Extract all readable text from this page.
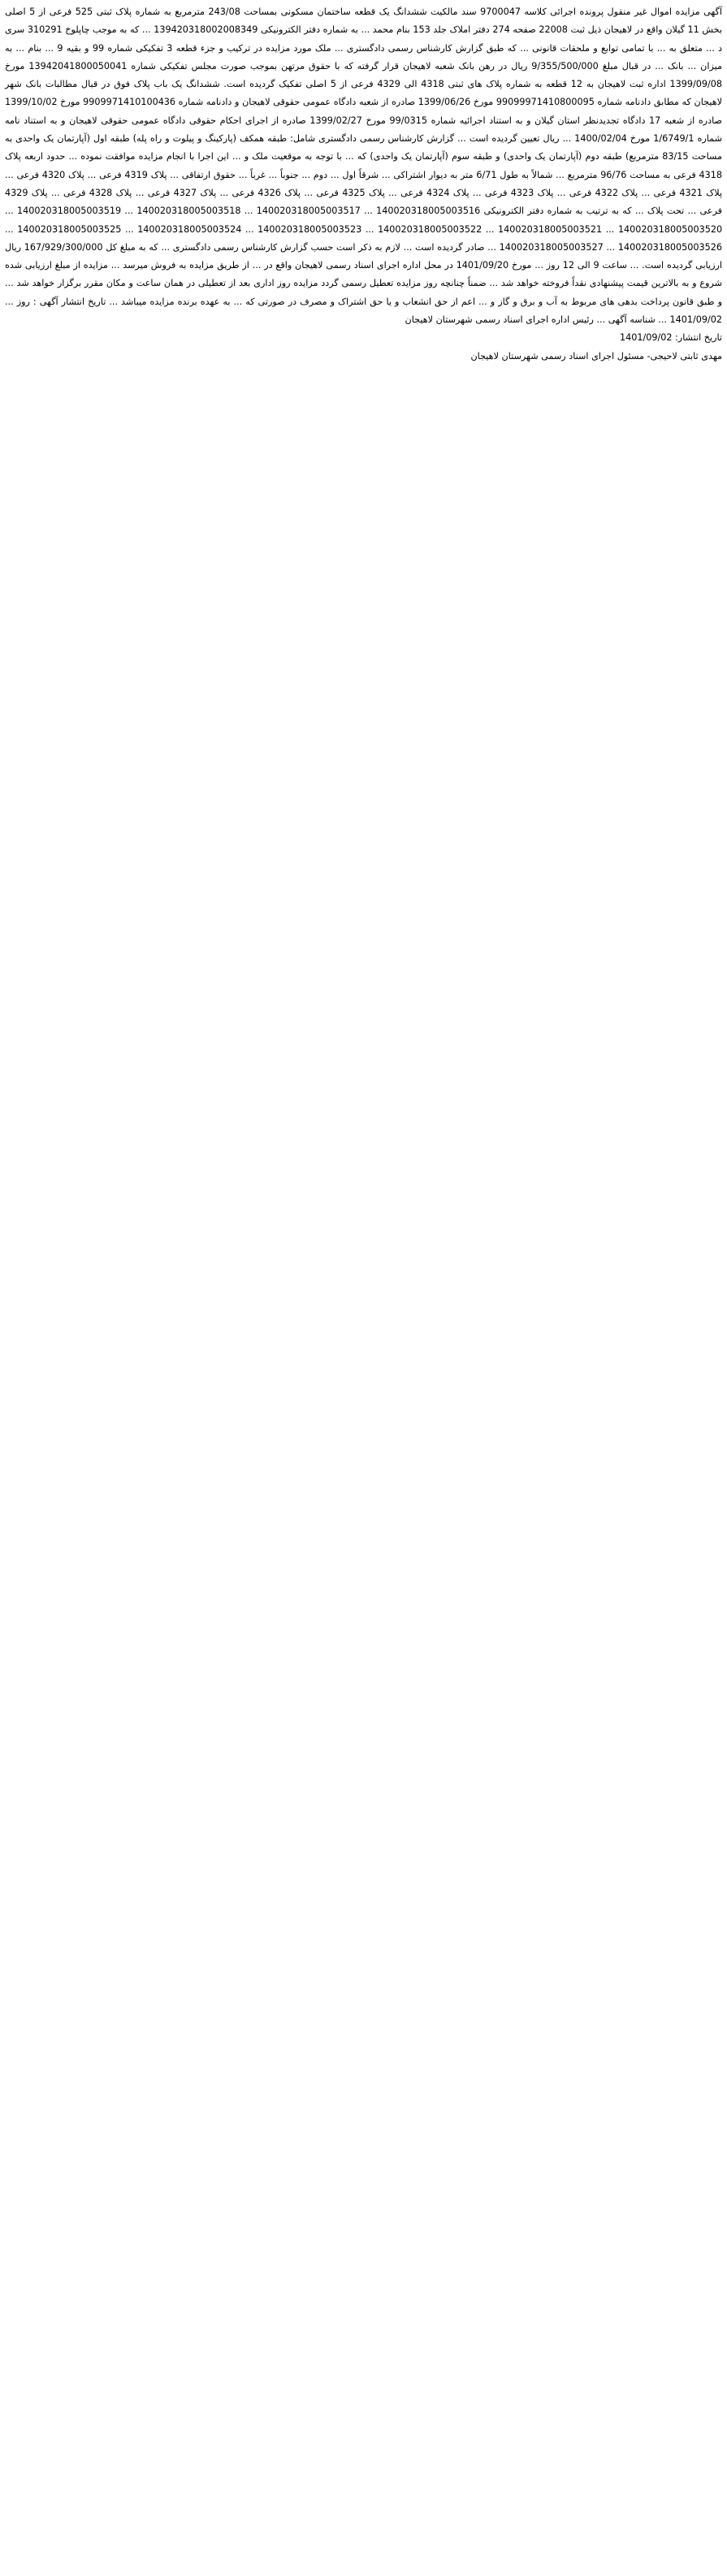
آگهی مزایده اموال غیر منقول پرونده اجرائی کلاسه 9700047 سند مالکیت ششدانگ یک قطعه ساختمان مسکونی بمساحت 243/08 مترمربع به شماره پلاک ثبتی 525 فرعی از 5 اصلی بخش 11 گیلان واقع در لاهیجان ذیل ثبت 22008 صفحه 274 دفتر املاک جلد 153 بنام محمد ... به شماره دفتر الکترونیکی 139420318002008349 ... که به موجب چاپلوخ 310291 سری د ... متعلق به ... با تمامی توابع و ملحقات قانونی ... که طبق گزارش کارشناس رسمی دادگستری ... ملک مورد مزایده در ترکیب و جزء قطعه 3 تفکیکی شماره 99 و بقیه 9 ... بنام ... به میزان ... بانک ... در قبال مبلغ 9/355/500/000 ریال در رهن بانک شعبه لاهیجان قرار گرفته که با حقوق مرتهن بموجب صورت مجلس تفکیکی شماره 13942041800050041 مورخ 1399/09/08 اداره ثبت لاهیجان به 12 قطعه به شماره پلاک های ثبتی 4318 الی 4329 فرعی از 5 اصلی تفکیک گردیده است. ششدانگ یک باب پلاک فوق در قبال مطالبات بانک شهر لاهیجان که مطابق دادنامه شماره 99099971410800095 مورخ 1399/06/26 صادره از شعبه دادگاه عمومی حقوقی لاهیجان و دادنامه شماره 9909971410100436 مورخ 1399/10/02 صادره از شعبه 17 دادگاه تجدیدنظر استان گیلان و به استناد اجرائیه شماره 99/0315 مورخ 1399/02/27 صادره از اجرای احکام حقوقی دادگاه عمومی حقوقی لاهیجان و به استناد نامه شماره 1/6749/1 مورخ 1400/02/04 ... ریال تعیین گردیده است ... گزارش کارشناس رسمی دادگستری شامل: طبقه همکف (پارکینگ و پیلوت و راه پله) طبقه اول (آپارتمان یک واحدی به مساحت 83/15 مترمربع) طبقه دوم (آپارتمان یک واحدی) و طبقه سوم (آپارتمان یک واحدی) که ... با توجه به موقعیت ملک و ... این اجرا با انجام مزایده موافقت نموده ... حدود اربعه پلاک 4318 فرعی به مساحت 96/76 مترمربع ... شمالاً به طول 6/71 متر به دیوار اشتراکی ... شرقاً اول ... دوم ... جنوباً ... غرباً ... حقوق ارتفاقی ... پلاک 4319 فرعی ... پلاک 4320 فرعی ... پلاک 4321 فرعی ... پلاک 4322 فرعی ... پلاک 4323 فرعی ... پلاک 4324 فرعی ... پلاک 4325 فرعی ... پلاک 4326 فرعی ... پلاک 4327 فرعی ... پلاک 4328 فرعی ... پلاک 4329 فرعی ... تحت پلاک ... که به ترتیب به شماره دفتر الکترونیکی 140020318005003516 ... 140020318005003517 ... 140020318005003518 ... 140020318005003519 ... 140020318005003520 ... 140020318005003521 ... 140020318005003522 ... 140020318005003523 ... 140020318005003524 ... 140020318005003525 ... 140020318005003526 ... 140020318005003527 ... صادر گردیده است ... لازم به ذکر است حسب گزارش کارشناس رسمی دادگستری ... که به مبلغ کل 167/929/300/000 ریال ارزیابی گردیده است. ... ساعت 9 الی 12 روز ... مورخ 1401/09/20 در محل اداره اجرای اسناد رسمی لاهیجان واقع در ... از طریق مزایده به فروش میرسد ... مزایده از مبلغ ارزیابی شده شروع و به بالاترین قیمت پیشنهادی نقداً فروخته خواهد شد ... ضمناً چنانچه روز مزایده تعطیل رسمی گردد مزایده روز اداری بعد از تعطیلی در همان ساعت و مکان مقرر برگزار خواهد شد ... و طبق قانون پرداخت بدهی های مربوط به آب و برق و گاز و ... اعم از حق انشعاب و یا حق اشتراک و مصرف در صورتی که ... به عهده برنده مزایده میباشد ... تاریخ انتشار آگهی : روز ... 1401/09/02 ... شناسه آگهی ... رئیس اداره اجرای اسناد رسمی شهرستان لاهیجان

تاریخ انتشار: 1401/09/02

مهدی ثابتی لاحیجی- مسئول اجرای اسناد رسمی شهرستان لاهیجان
